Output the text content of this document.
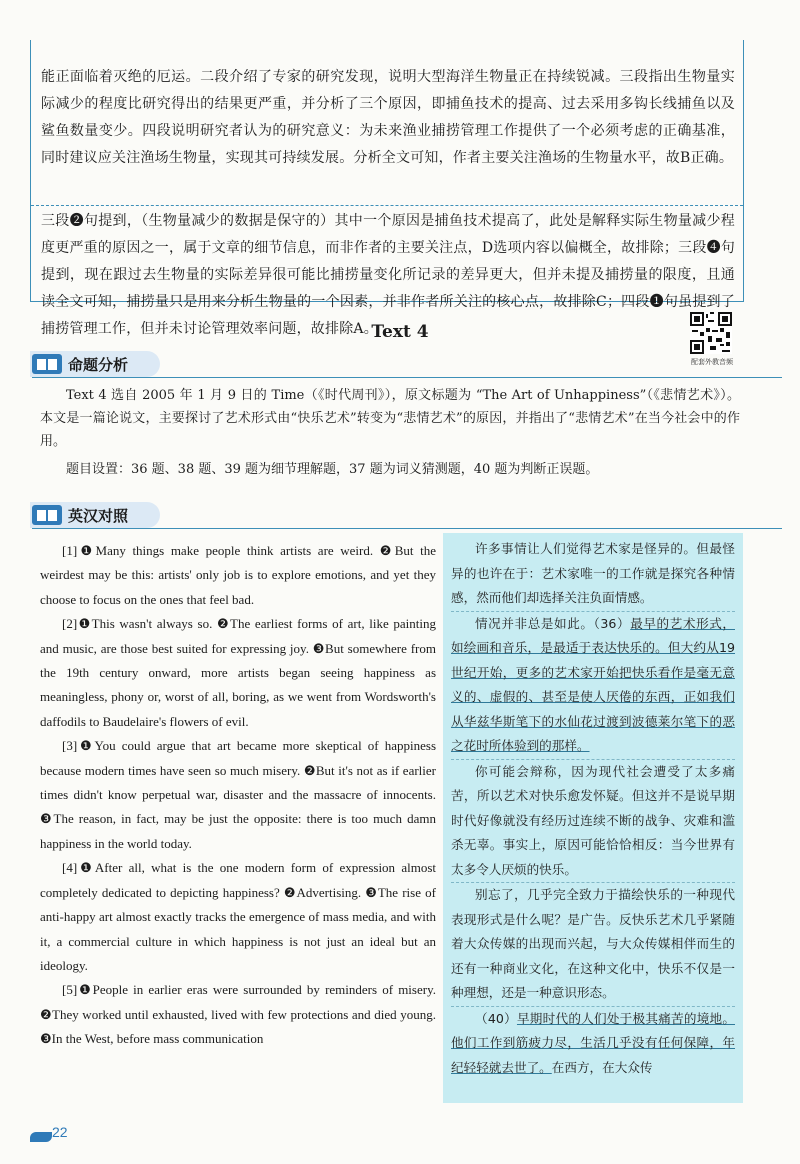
能正面临着灭绝的厄运。二段介绍了专家的研究发现，说明大型海洋生物量正在持续锐减。三段指出生物量实际减少的程度比研究得出的结果更严重，并分析了三个原因，即捕鱼技术的提高、过去采用多钩长线捕鱼以及鲨鱼数量变少。四段说明研究者认为的研究意义：为未来渔业捕捞管理工作提供了一个必须考虑的正确基准，同时建议应关注渔场生物量，实现其可持续发展。分析全文可知，作者主要关注渔场的生物量水平，故B正确。
三段❷句提到，（生物量减少的数据是保守的）其中一个原因是捕鱼技术提高了，此处是解释实际生物量减少程度更严重的原因之一，属于文章的细节信息，而非作者的主要关注点，D选项内容以偏概全，故排除；三段❹句提到，现在跟过去生物量的实际差异很可能比捕捞量变化所记录的差异更大，但并未提及捕捞量的限度，且通读全文可知，捕捞量只是用来分析生物量的一个因素，并非作者所关注的核心点，故排除C；四段❶句虽提到了捕捞管理工作，但并未讨论管理效率问题，故排除A。
Text 4
配套外教音频
命题分析
Text 4 选自 2005 年 1 月 9 日的 Time（《时代周刊》），原文标题为 “The Art of Unhappiness”（《悲情艺术》）。本文是一篇论说文，主要探讨了艺术形式由“快乐艺术”转变为“悲情艺术”的原因，并指出了“悲情艺术”在当今社会中的作用。
题目设置：36 题、38 题、39 题为细节理解题，37 题为词义猜测题，40 题为判断正误题。
英汉对照

[1]❶Many things make people think artists are weird. ❷But the weirdest may be this: artists' only job is to explore emotions, and yet they choose to focus on the ones that feel bad.

[2]❶This wasn't always so. ❷The earliest forms of art, like painting and music, are those best suited for expressing joy. ❸But somewhere from the 19th century onward, more artists began seeing happiness as meaningless, phony or, worst of all, boring, as we went from Wordsworth's daffodils to Baudelaire's flowers of evil.

[3]❶You could argue that art became more skeptical of happiness because modern times have seen so much misery. ❷But it's not as if earlier times didn't know perpetual war, disaster and the massacre of innocents. ❸The reason, in fact, may be just the opposite: there is too much damn happiness in the world today.

[4]❶After all, what is the one modern form of expression almost completely dedicated to depicting happiness? ❷Advertising. ❸The rise of anti-happy art almost exactly tracks the emergence of mass media, and with it, a commercial culture in which happiness is not just an ideal but an ideology.

[5]❶People in earlier eras were surrounded by reminders of misery. ❷They worked until exhausted, lived with few protections and died young. ❸In the West, before mass communication

许多事情让人们觉得艺术家是怪异的。但最怪异的也许在于：艺术家唯一的工作就是探究各种情感，然而他们却选择关注负面情感。

情况并非总是如此。（36）最早的艺术形式，如绘画和音乐，是最适于表达快乐的。但大约从19世纪开始，更多的艺术家开始把快乐看作是毫无意义的、虚假的、甚至是使人厌倦的东西，正如我们从华兹华斯笔下的水仙花过渡到波德莱尔笔下的恶之花时所体验到的那样。

你可能会辩称，因为现代社会遭受了太多痛苦，所以艺术对快乐愈发怀疑。但这并不是说早期时代好像就没有经历过连续不断的战争、灾难和滥杀无辜。事实上，原因可能恰恰相反：当今世界有太多令人厌烦的快乐。

别忘了，几乎完全致力于描绘快乐的一种现代表现形式是什么呢？是广告。反快乐艺术几乎紧随着大众传媒的出现而兴起，与大众传媒相伴而生的还有一种商业文化，在这种文化中，快乐不仅是一种理想，还是一种意识形态。

（40）早期时代的人们处于极其痛苦的境地。他们工作到筋疲力尽，生活几乎没有任何保障，年纪轻轻就去世了。在西方，在大众传

22
